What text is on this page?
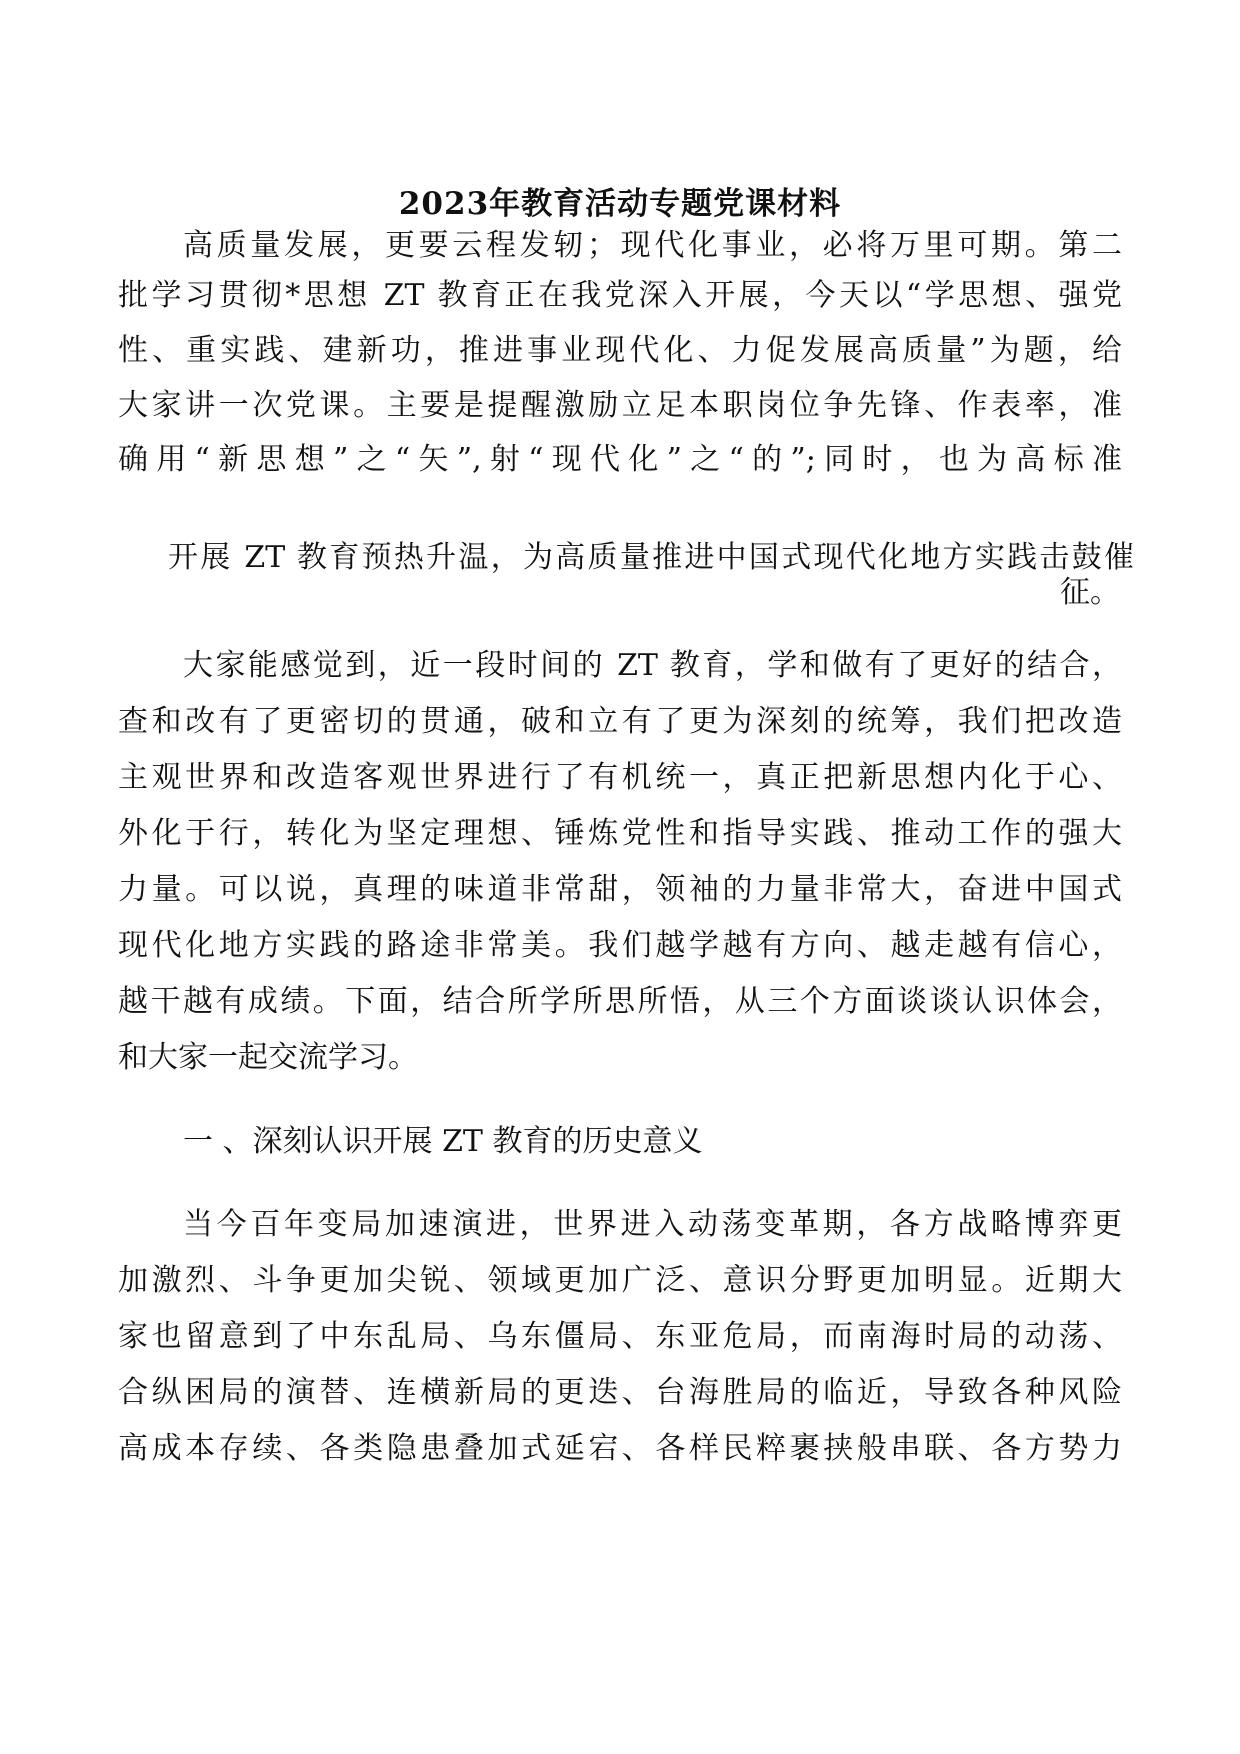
2023年教育活动专题党课材料
高质量发展，更要云程发轫；现代化事业，必将万里可期。第二
批学习贯彻*思想 ZT 教育正在我党深入开展，今天以“学思想、强党
性、重实践、建新功，推进事业现代化、力促发展高质量”为题，给
大家讲一次党课。主要是提醒激励立足本职岗位争先锋、作表率，准
确用“新思想”之“矢”,射“现代化”之“的”;同时，也为高标准
开展 ZT 教育预热升温，为高质量推进中国式现代化地方实践击鼓催
征。
大家能感觉到，近一段时间的 ZT 教育，学和做有了更好的结合，
查和改有了更密切的贯通，破和立有了更为深刻的统筹，我们把改造
主观世界和改造客观世界进行了有机统一，真正把新思想内化于心、
外化于行，转化为坚定理想、锤炼党性和指导实践、推动工作的强大
力量。可以说，真理的味道非常甜，领袖的力量非常大，奋进中国式
现代化地方实践的路途非常美。我们越学越有方向、越走越有信心，
越干越有成绩。下面，结合所学所思所悟，从三个方面谈谈认识体会，
和大家一起交流学习。
一 、深刻认识开展 ZT 教育的历史意义
当今百年变局加速演进，世界进入动荡变革期，各方战略博弈更
加激烈、斗争更加尖锐、领域更加广泛、意识分野更加明显。近期大
家也留意到了中东乱局、乌东僵局、东亚危局，而南海时局的动荡、
合纵困局的演替、连横新局的更迭、台海胜局的临近，导致各种风险
高成本存续、各类隐患叠加式延宕、各样民粹裹挟般串联、各方势力
